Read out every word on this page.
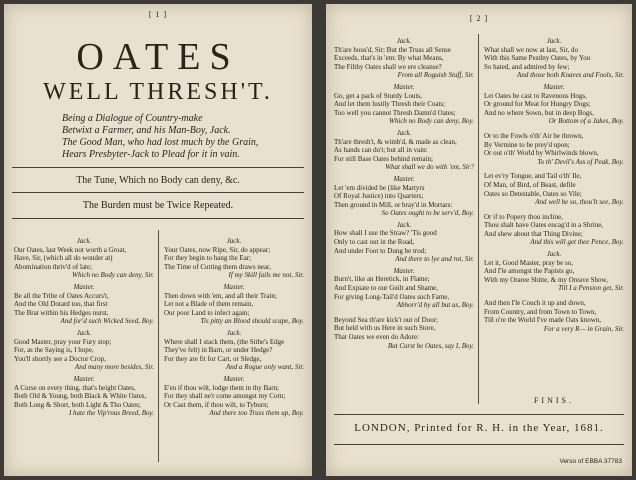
[ 1 ]
OATES
WELL THRESH'T.
Being a Dialogue of Country-make
Betwixt a Farmer, and his Man-Boy, Jack.
The Good Man, who had lost much by the Grain,
Hears Presbyter-Jack to Plead for it in vain.
The Tune, Which no Body can deny, &c.
The Burden must be Twice Repeated.
Jack.
Our Oates, last Week not worth a Groat,
Have, Sir, (which all do wonder at)
Abomination thriv'd of late;
Which no Body can deny, Sir.
Master.
Be all the Tribe of Oates Accurs't,
And the Old Dotard too, that first
The Brat within his Hedges nurst,
And for'd such Wicked Seed, Boy.
Jack.
Good Master, pray your Fury stop;
For, as the Saying is, I hope,
You'll shortly see a Doctor Crop,
And many more besides, Sir.
Master.
A Curse on every thing, that's height Oates,
Both Old & Young, both Black & White Oates,
Both Long & Short, both Light & Tho Oates;
I hate the Vip'rous Breed, Boy.
Jack.
Your Oates, now Ripe, Sir, do appear;
For they begin to hang the Ear;
The Time of Cutting them draws near,
If my Skill fails me not, Sir.
Master.
Then down with 'em, and all their Train;
Let not a Blade of them remain,
Our poor Land to infect again;
Tis pitty an Blood should scape, Boy.
Jack.
Where shall I stack them, (the Sithe's Edge
They've felt) in Barn, or under Hedge?
For they are fit for Cart, or Sledge,
And a Rogue only want, Sir.
Master.
E'en if thou wilt, lodge them in thy Barn;
For they shall ne'r come amongst my Corn;
Or Cast them, if thou wilt, to Tyburn;
And there too Truss them up, Boy.
[ 2 ]
Jack.
Th'are hous'd, Sir; But the Truss all Sense
Exceeds, that's in 'em: By what Means,
The Filthy Oates shall we ere cleanse?
From all Roguish Stuff, Sir.
Master.
Go, get a pack of Sturdy Louts,
And let them lustily Thresh their Coats;
Too well you cannot Thresh Damn'd Oates;
Which no Body can deny, Boy.
Jack.
Th'are thresh't, & wimb'd, & made as clean,
As hands can do't; but all in vain:
For still Base Oates behind remain;
What shall we do with 'em, Sir?
Master.
Let 'em divided be (like Martyrs
Of Royal Justice) into Quarters;
Then ground in Mill, or bray'd in Mortars:
So Oates ought to be serv'd, Boy.
Jack.
How shall I use the Straw? 'Tis good
Only to cast out in the Road,
And under Foot to Dung be trod;
And there to lye and rot, Sir.
Master.
Burn't, like an Heretick, in Flame;
And Expiate to our Guilt and Shame,
For giving Long-Tail'd Oates such Fame,
Abhorr'd by all but us, Boy.
Beyond Sea th'are kick't out of Door;
But held with us Here in such Store,
That Oates we even do Adore:
But Curst be Oates, say I, Boy.
Jack.
What shall we now at last, Sir, do
With this Same Pestlny Oates, by You
So hated, and admired by few;
And those both Knaves and Fools, Sir.
Master.
Let Oates be cast to Ravenous Hogs,
Or ground for Meat for Hungry Dogs;
And no where Sown, but in deep Bogs,
Or Bottom of a Jakes, Boy.
Or to the Fowls o'th' Air be thrown,
By Vermine to be prey'd upon;
Or out o'th' World by Whirlwinds blown,
To th' Devil's Ass of Peak, Boy.
Let ev'ry Tongue, and Tail o'th' Ile,
Of Man, of Bird, of Beast, defile
Oates so Detestable, Oates so Vile;
And well be so, thou'lt see, Boy.
Or if to Popery thou incline,
Thou shalt have Oates encag'd in a Shrine,
And shew about that Thing Divine;
And this will get thee Pence, Boy.
Jack.
Let it, Good Master, pray be so,
And I'le amongst the Papists go,
With my Oraree Shitte, & my Oreave Show,
Till I a Pension get, Sir.
And then I'le Couch it up and down,
From Country, and from Town to Town,
Till o're the World I've made Oats known,
For a very R— in Grain, Sir.
FINIS.
LONDON, Printed for R. H. in the Year, 1681.
Verso of EBBA 37783
